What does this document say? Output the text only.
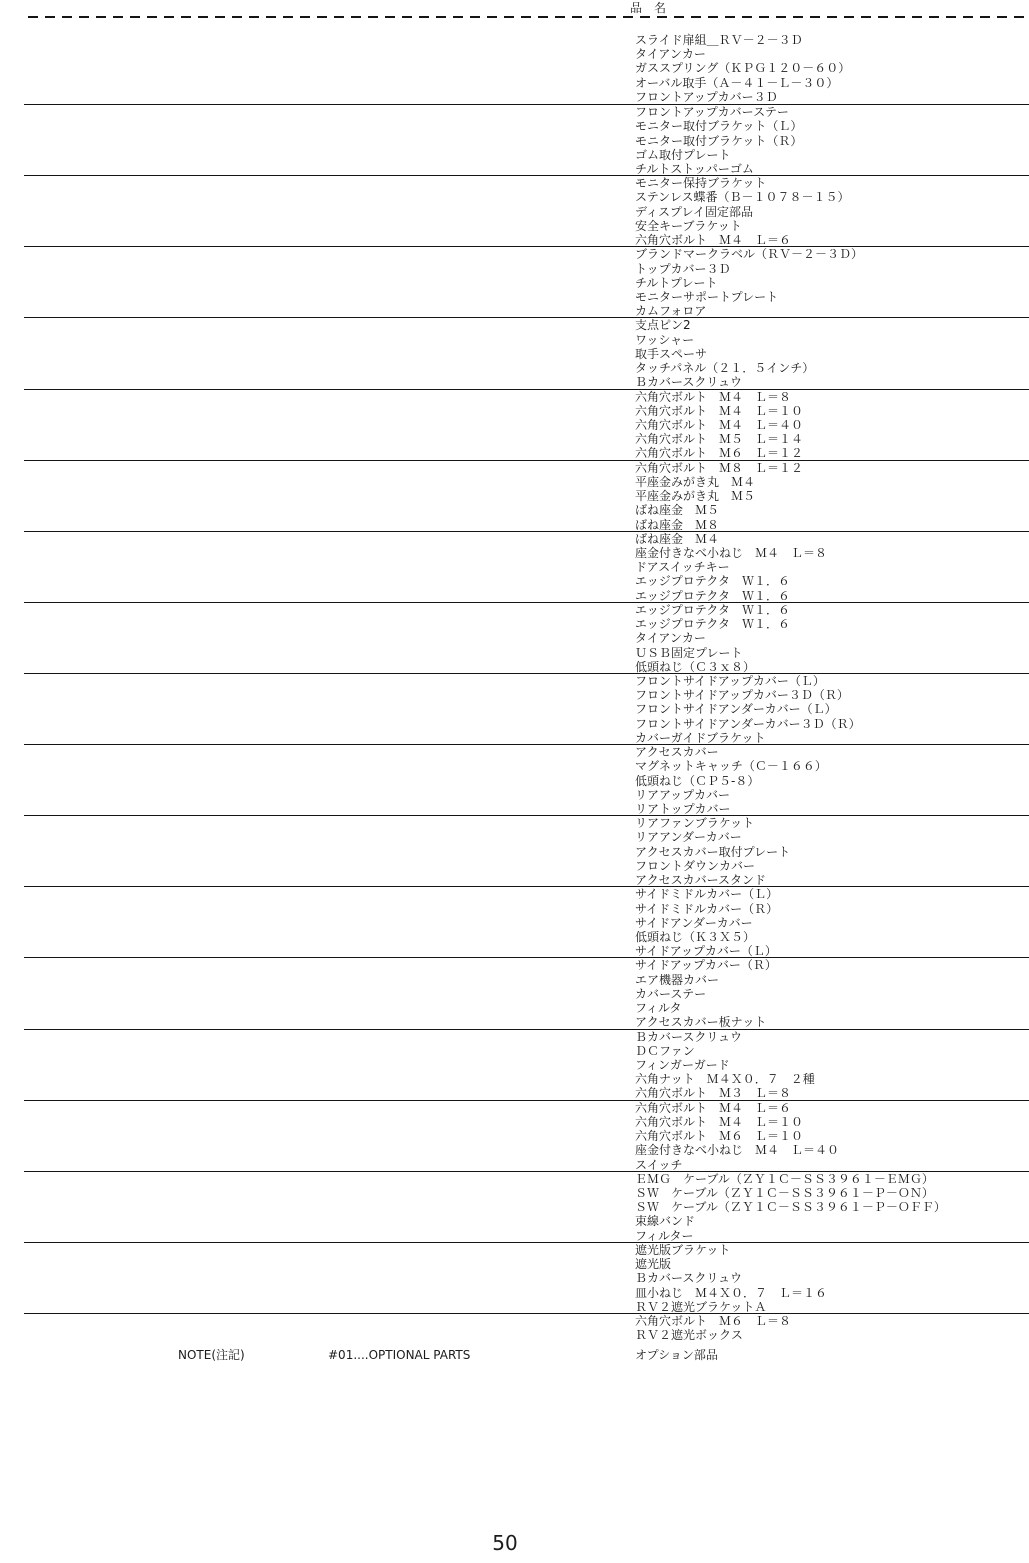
品　名
スライド扉組＿ＲＶ－２－３Ｄ
タイアンカー
ガススプリング（ＫＰＧ１２０－６０）
オーバル取手（Ａ－４１－Ｌ－３０）
フロントアップカバー３Ｄ
フロントアップカバーステー
モニター取付ブラケット（Ｌ）
モニター取付ブラケット（Ｒ）
ゴム取付プレート
チルトストッパーゴム
モニター保持ブラケット
ステンレス蝶番（Ｂ－１０７８－１５）
ディスプレイ固定部品
安全キーブラケット
六角穴ボルト　Ｍ４　Ｌ＝６
ブランドマークラベル（ＲＶ－２－３Ｄ）
トップカバー３Ｄ
チルトプレート
モニターサポートプレート
カムフォロア
支点ピン2
ワッシャー
取手スペーサ
タッチパネル（２１．５インチ）
Ｂカバースクリュウ
六角穴ボルト　Ｍ４　Ｌ＝８
六角穴ボルト　Ｍ４　Ｌ＝１０
六角穴ボルト　Ｍ４　Ｌ＝４０
六角穴ボルト　Ｍ５　Ｌ＝１４
六角穴ボルト　Ｍ６　Ｌ＝１２
六角穴ボルト　Ｍ８　Ｌ＝１２
平座金みがき丸　Ｍ４
平座金みがき丸　Ｍ５
ばね座金　Ｍ５
ばね座金　Ｍ８
ばね座金　Ｍ４
座金付きなべ小ねじ　Ｍ４　Ｌ＝８
ドアスイッチキー
エッジプロテクタ　Ｗ１．６
エッジプロテクタ　Ｗ１．６
エッジプロテクタ　Ｗ１．６
エッジプロテクタ　Ｗ１．６
タイアンカー
ＵＳＢ固定プレート
低頭ねじ（Ｃ３ｘ８）
フロントサイドアップカバー（Ｌ）
フロントサイドアップカバー３Ｄ（Ｒ）
フロントサイドアンダーカバー（Ｌ）
フロントサイドアンダーカバー３Ｄ（Ｒ）
カバーガイドブラケット
アクセスカバー
マグネットキャッチ（Ｃ－１６６）
低頭ねじ（ＣＰ５-８）
リアアップカバー
リアトップカバー
リアファンブラケット
リアアンダーカバー
アクセスカバー取付プレート
フロントダウンカバー
アクセスカバースタンド
サイドミドルカバー（Ｌ）
サイドミドルカバー（Ｒ）
サイドアンダーカバー
低頭ねじ（Ｋ３Ｘ５）
サイドアップカバー（Ｌ）
サイドアップカバー（Ｒ）
エア機器カバー
カバーステー
フィルタ
アクセスカバー板ナット
Ｂカバースクリュウ
ＤＣファン
フィンガーガード
六角ナット　Ｍ４Ｘ０．７　２種
六角穴ボルト　Ｍ３　Ｌ＝８
六角穴ボルト　Ｍ４　Ｌ＝６
六角穴ボルト　Ｍ４　Ｌ＝１０
六角穴ボルト　Ｍ６　Ｌ＝１０
座金付きなべ小ねじ　Ｍ４　Ｌ＝４０
スイッチ
ＥＭＧ　ケーブル（ＺＹ１Ｃ－ＳＳ３９６１－ＥＭＧ）
ＳＷ　ケーブル（ＺＹ１Ｃ－ＳＳ３９６１－Ｐ－ＯＮ）
ＳＷ　ケーブル（ＺＹ１Ｃ－ＳＳ３９６１－Ｐ－ＯＦＦ）
束線バンド
フィルター
遮光版ブラケット
遮光版
Ｂカバースクリュウ
皿小ねじ　Ｍ４Ｘ０．７　Ｌ＝１６
ＲＶ２遮光ブラケットＡ
六角穴ボルト　Ｍ６　Ｌ＝８
ＲＶ２遮光ボックス
NOTE(注記)	#01....OPTIONAL PARTS	オプション部品
50
